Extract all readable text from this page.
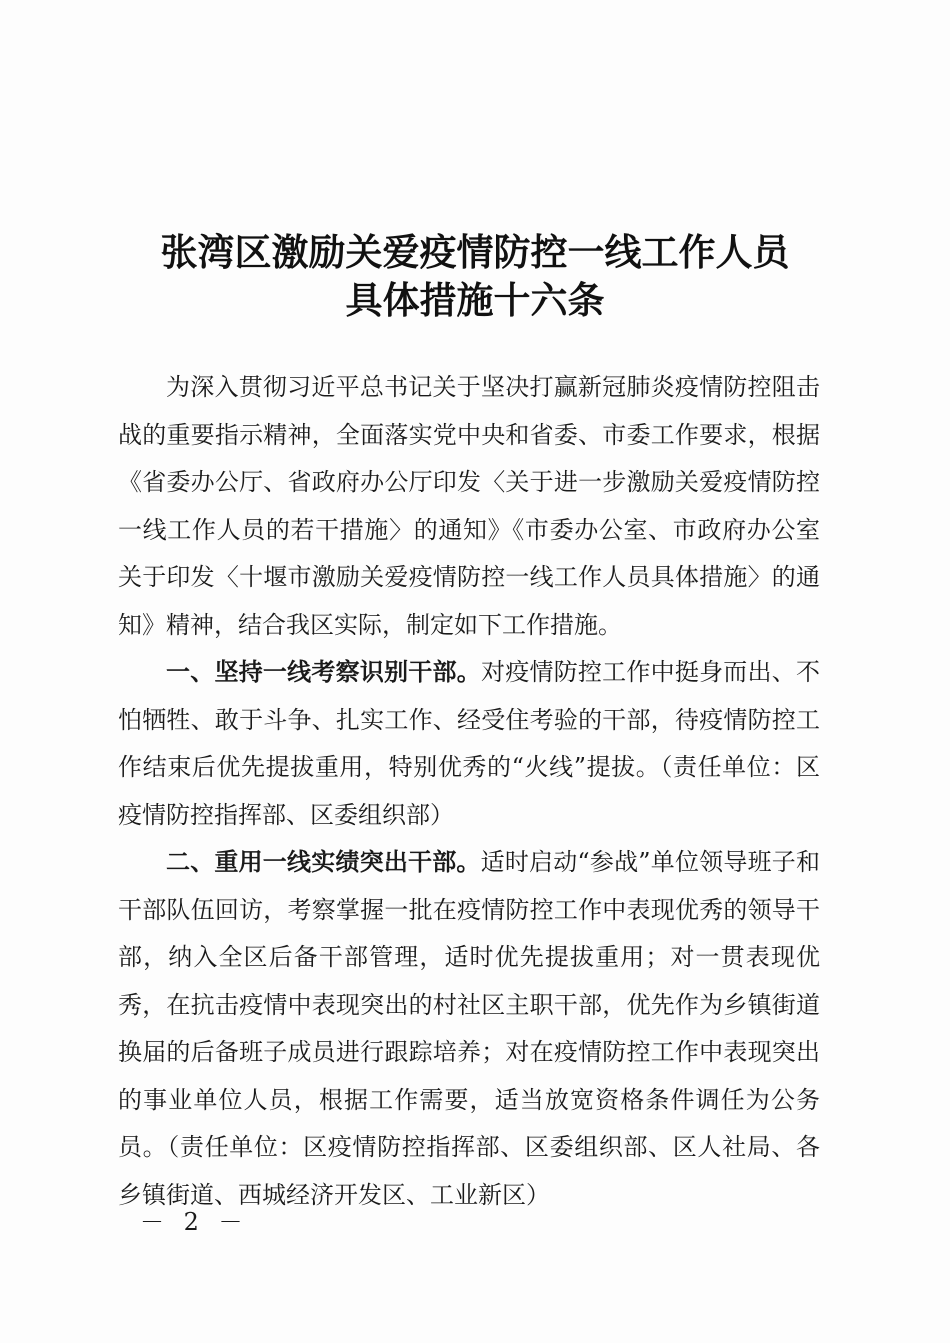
张湾区激励关爱疫情防控一线工作人员
具体措施十六条

为深入贯彻习近平总书记关于坚决打赢新冠肺炎疫情防控阻击战的重要指示精神，全面落实党中央和省委、市委工作要求，根据《省委办公厅、省政府办公厅印发〈关于进一步激励关爱疫情防控一线工作人员的若干措施〉的通知》《市委办公室、市政府办公室关于印发〈十堰市激励关爱疫情防控一线工作人员具体措施〉的通知》精神，结合我区实际，制定如下工作措施。

一、坚持一线考察识别干部。对疫情防控工作中挺身而出、不怕牺牲、敢于斗争、扎实工作、经受住考验的干部，待疫情防控工作结束后优先提拔重用，特别优秀的“火线”提拔。（责任单位：区疫情防控指挥部、区委组织部）

二、重用一线实绩突出干部。适时启动“参战”单位领导班子和干部队伍回访，考察掌握一批在疫情防控工作中表现优秀的领导干部，纳入全区后备干部管理，适时优先提拔重用；对一贯表现优秀，在抗击疫情中表现突出的村社区主职干部，优先作为乡镇街道换届的后备班子成员进行跟踪培养；对在疫情防控工作中表现突出的事业单位人员，根据工作需要，适当放宽资格条件调任为公务员。（责任单位：区疫情防控指挥部、区委组织部、区人社局、各乡镇街道、西城经济开发区、工业新区）

－ 2 －
